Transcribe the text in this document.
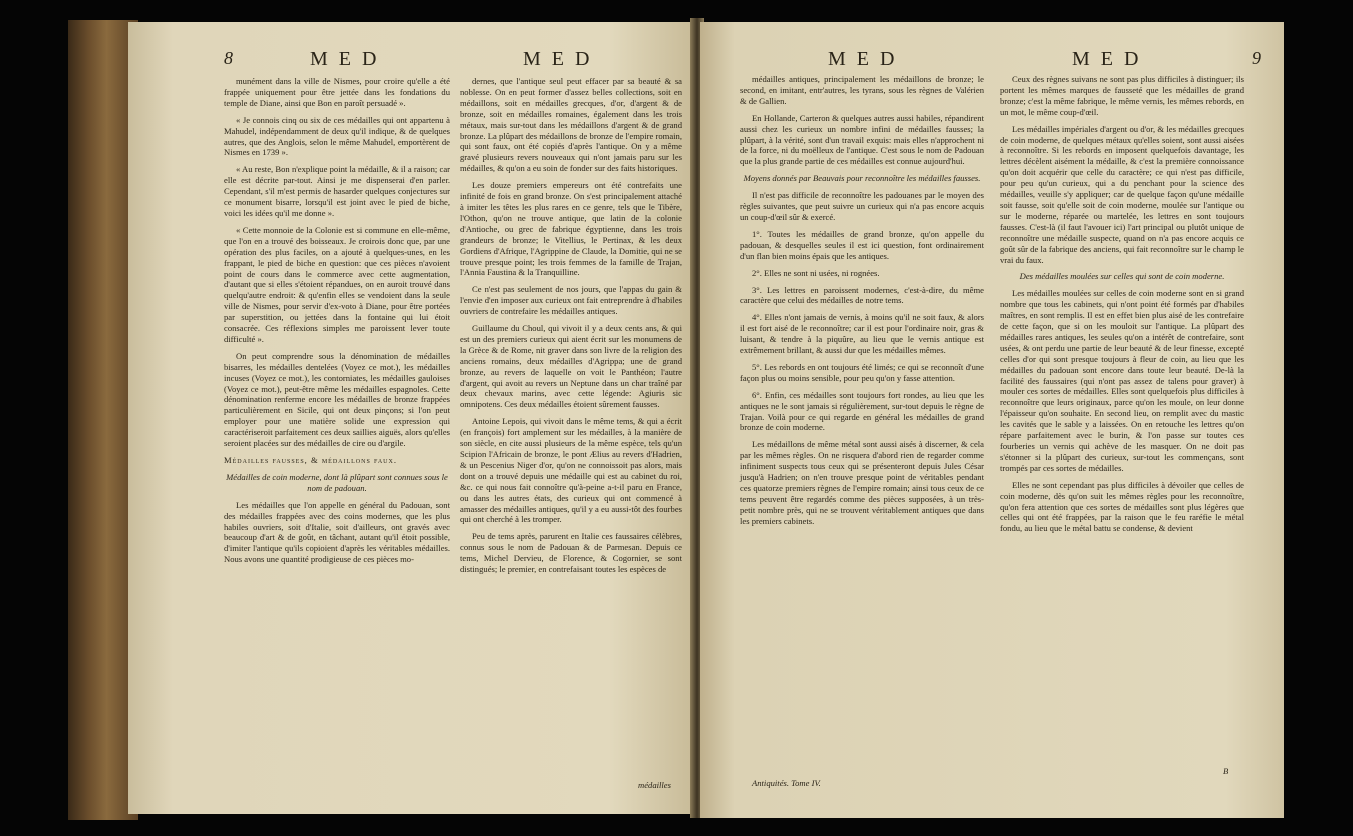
8	M E D	M E D

munément dans la ville de Nismes, pour croire qu'elle a été frappée uniquement pour être jettée dans les fondations du temple de Diane, ainsi que Bon en paroît persuadé ».

« Je connois cinq ou six de ces médailles qui ont appartenu à Mahudel, indépendamment de deux qu'il indique, & de quelques autres, que des Anglois, selon le même Mahudel, emportèrent de Nismes en 1739 ».

« Au reste, Bon n'explique point la médaille, & il a raison; car elle est décrite par-tout. Ainsi je me dispenserai d'en parler. Cependant, s'il m'est permis de hasarder quelques conjectures sur ce monument bisarre, lorsqu'il est joint avec le pied de biche, voici les idées qu'il me donne ».

« Cette monnoie de la Colonie est si commune en elle-même, que l'on en a trouvé des boisseaux. Je croirois donc que, par une opération des plus faciles, on a ajouté à quelques-unes, en les frappant, le pied de biche en question: que ces pièces n'avoient point de cours dans le commerce avec cette augmentation, d'autant que si elles s'étoient répandues, on en auroit trouvé dans quelqu'autre endroit: & qu'enfin elles se vendoient dans la seule ville de Nismes, pour servir d'ex-voto à Diane, pour être portées par superstition, ou jettées dans la fontaine qui lui étoit consacrée. Ces réflexions simples me paroissent lever toute difficulté ».

On peut comprendre sous la dénomination de médailles bisarres, les médailles dentelées (Voyez ce mot.), les médailles incuses (Voyez ce mot.), les contorniates, les médailles gauloises (Voyez ce mot.), peut-être même les médailles espagnoles. Cette dénomination renferme encore les médailles de bronze frappées particulièrement en Sicile, qui ont deux pinçons; si l'on peut employer pour une matière solide une expression qui caractériseroit parfaitement ces deux saillies aiguës, alors qu'elles seroient placées sur des médailles de cire ou d'argile.

Médailles fausses, & médaillons faux.

Médailles de coin moderne, dont là plûpart sont connues sous le nom de padouan.

Les médailles que l'on appelle en général du Padouan, sont des médailles frappées avec des coins modernes, que les plus habiles ouvriers, soit d'Italie, soit d'ailleurs, ont gravés avec beaucoup d'art & de goût, en tâchant, autant qu'il étoit possible, d'imiter l'antique qu'ils copioient d'après les véritables médailles. Nous avons une quantité prodigieuse de ces pièces mo-

dernes, que l'antique seul peut effacer par sa beauté & sa noblesse. On en peut former d'assez belles collections, soit en médaillons, soit en médailles grecques, d'or, d'argent & de bronze, soit en médailles romaines, également dans les trois métaux, mais sur-tout dans les médaillons d'argent & de grand bronze. La plûpart des médaillons de bronze de l'empire romain, qui sont faux, ont été copiés d'après l'antique. On y a même gravé plusieurs revers nouveaux qui n'ont jamais paru sur les médailles, & qu'on a eu soin de fonder sur des faits historiques.

Les douze premiers empereurs ont été contrefaits une infinité de fois en grand bronze. On s'est principalement attaché à imiter les têtes les plus rares en ce genre, tels que le Tibère, l'Othon, qu'on ne trouve antique, que latin de la colonie d'Antioche, ou grec de fabrique égyptienne, dans les trois grandeurs de bronze; le Vitellius, le Pertinax, & les deux Gordiens d'Afrique, l'Agrippine de Claude, la Domitie, qui ne se trouve presque point; les trois femmes de la famille de Trajan, l'Annia Faustina & la Tranquilline.

Ce n'est pas seulement de nos jours, que l'appas du gain & l'envie d'en imposer aux curieux ont fait entreprendre à d'habiles ouvriers de contrefaire les médailles antiques.

Guillaume du Choul, qui vivoit il y a deux cents ans, & qui est un des premiers curieux qui aient écrit sur les monumens de la Grèce & de Rome, nit graver dans son livre de la religion des anciens romains, deux médailles d'Agrippa; une de grand bronze, au revers de laquelle on voit le Panthéon; l'autre d'argent, qui avoit au revers un Neptune dans un char traîné par deux chevaux marins, avec cette légende: Agiuris sic omnipotens. Ces deux médailles étoient sûrement fausses.

Antoine Lepois, qui vivoit dans le même tems, & qui a écrit (en françois) fort amplement sur les médailles, à la manière de son siècle, en cite aussi plusieurs de la même espèce, tels qu'un Scipion l'Africain de bronze, le pont Ælius au revers d'Hadrien, & un Pescenius Niger d'or, qu'on ne connoissoit pas alors, mais dont on a trouvé depuis une médaille qui est au cabinet du roi, &c. ce qui nous fait connoître qu'à-peine a-t-il paru en France, ou dans les autres états, des curieux qui ont commencé à amasser des médailles antiques, qu'il y a eu aussi-tôt des fourbes qui ont cherché à les tromper.

Peu de tems après, parurent en Italie ces faussaires célèbres, connus sous le nom de Padouan & de Parmesan. Depuis ce tems, Michel Dervieu, de Florence, & Cogornier, se sont distingués; le premier, en contrefaisant toutes les espèces de

médailles
M E D	M E D	9

médailles antiques, principalement les médaillons de bronze; le second, en imitant, entr'autres, les tyrans, sous les règnes de Valérien & de Gallien.

En Hollande, Carteron & quelques autres aussi habiles, répandirent aussi chez les curieux un nombre infini de médailles fausses; la plûpart, à la vérité, sont d'un travail exquis: mais elles n'approchent ni de la force, ni du moëlleux de l'antique. C'est sous le nom de Padouan que la plus grande partie de ces médailles est connue aujourd'hui.

Moyens donnés par Beauvais pour reconnoître les médailles fausses.

Il n'est pas difficile de reconnoître les padouanes par le moyen des règles suivantes, que peut suivre un curieux qui n'a pas encore acquis un coup-d'œil sûr & exercé.

1°. Toutes les médailles de grand bronze, qu'on appelle du padouan, & desquelles seules il est ici question, font ordinairement d'un flan bien moins épais que les antiques.

2°. Elles ne sont ni usées, ni rognées.

3°. Les lettres en paroissent modernes, c'est-à-dire, du même caractère que celui des médailles de notre tems.

4°. Elles n'ont jamais de vernis, à moins qu'il ne soit faux, & alors il est fort aisé de le reconnoître; car il est pour l'ordinaire noir, gras & luisant, & tendre à la piquûre, au lieu que le vernis antique est extrêmement brillant, & aussi dur que les médailles mêmes.

5°. Les rebords en ont toujours été limés; ce qui se reconnoît d'une façon plus ou moins sensible, pour peu qu'on y fasse attention.

6°. Enfin, ces médailles sont toujours fort rondes, au lieu que les antiques ne le sont jamais si régulièrement, sur-tout depuis le règne de Trajan. Voilà pour ce qui regarde en général les médailles de grand bronze de coin moderne.

Les médaillons de même métal sont aussi aisés à discerner, & cela par les mêmes règles. On ne risquera d'abord rien de regarder comme infiniment suspects tous ceux qui se présenteront depuis Jules César jusqu'à Hadrien; on n'en trouve presque point de véritables pendant ces quatorze premiers règnes de l'empire romain; ainsi tous ceux de ce tems peuvent être regardés comme des pièces supposées, à un très-petit nombre près, qui ne se trouvent véritablement antiques que dans les premiers cabinets.

Ceux des règnes suivans ne sont pas plus difficiles à distinguer; ils portent les mêmes marques de fausseté que les médailles de grand bronze; c'est la même fabrique, le même vernis, les mêmes rebords, en un mot, le même coup-d'œil.

Les médailles impériales d'argent ou d'or, & les médailles grecques de coin moderne, de quelques métaux qu'elles soient, sont aussi aisées à reconnoître. Si les rebords en imposent quelquefois davantage, les lettres décèlent aisément la médaille, & c'est la première connoissance qu'on doit acquérir que celle du caractère; ce qui n'est pas difficile, pour peu qu'un curieux, qui a du penchant pour la science des médailles, veuille s'y appliquer; car de quelque façon qu'une médaille soit fausse, soit qu'elle soit de coin moderne, moulée sur l'antique ou sur le moderne, réparée ou martelée, les lettres en sont toujours fausses. C'est-là (il faut l'avouer ici) l'art principal ou plutôt unique de reconnoître une médaille suspecte, quand on n'a pas encore acquis ce goût sûr de la fabrique des anciens, qui fait reconnoître sur le champ le vrai du faux.

Des médailles moulées sur celles qui sont de coin moderne.

Les médailles moulées sur celles de coin moderne sont en si grand nombre que tous les cabinets, qui n'ont point été formés par d'habiles maîtres, en sont remplis. Il est en effet bien plus aisé de les contrefaire de cette façon, que si on les mouloit sur l'antique. La plûpart des médailles rares antiques, les seules qu'on a intérêt de contrefaire, sont usées, & ont perdu une partie de leur beauté & de leur finesse, excepté celles d'or qui sont presque toujours à fleur de coin, au lieu que les médailles du padouan sont encore dans toute leur beauté. De-là la facilité des faussaires (qui n'ont pas assez de talens pour graver) à mouler ces sortes de médailles. Elles sont quelquefois plus difficiles à reconnoître que leurs originaux, parce qu'on les moule, on leur donne l'épaisseur qu'on souhaite. En second lieu, on remplit avec du mastic les cavités que le sable y a laissées. On en retouche les lettres qu'on répare parfaitement avec le burin, & l'on passe sur toutes ces fourberies un vernis qui achève de les masquer. On ne doit pas s'étonner si la plûpart des curieux, sur-tout les commençans, sont trompés par ces sortes de médailles.

Elles ne sont cependant pas plus difficiles à dévoiler que celles de coin moderne, dès qu'on suit les mêmes règles pour les reconnoître, qu'on fera attention que ces sortes de médailles sont plus légères que celles qui ont été frappées, par la raison que le feu raréfie le métal fondu, au lieu que le métal battu se condense, & devient

Antiquités. Tome IV.
B
